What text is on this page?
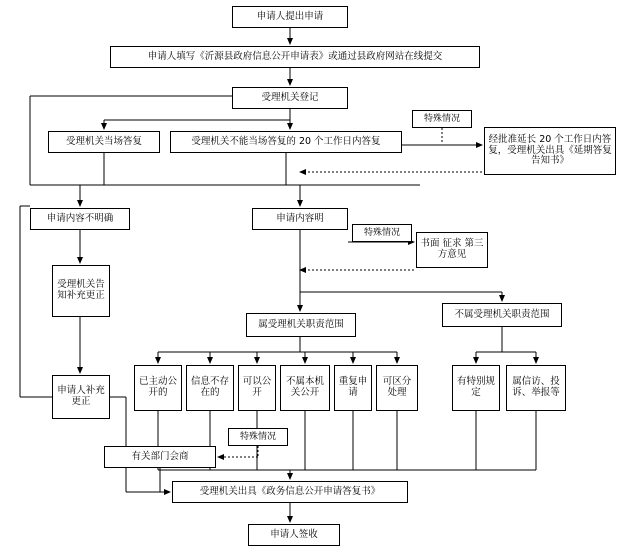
申请人提出申请
申请人填写《沂源县政府信息公开申请表》或通过县政府网站在线提交
受理机关登记
受理机关当场答复	受理机关不能当场答复的 20 个工作日内答复
特殊情况
经批准延长 20 个工作日内答复，受理机关出具《延期答复告知书》
申请内容不明确	申请内容明
特殊情况
书面 征求 第三方意见
受理机关告知补充更正
申请人补充更正
属受理机关职责范围
不属受理机关职责范围
已主动公开的
信息不存在的
可以公开
不属本机关公开
重复申请
可区分处理
有特别规定
属信访、投诉、举报等
特殊情况
有关部门会商
受理机关出具《政务信息公开申请答复书》
申请人签收
